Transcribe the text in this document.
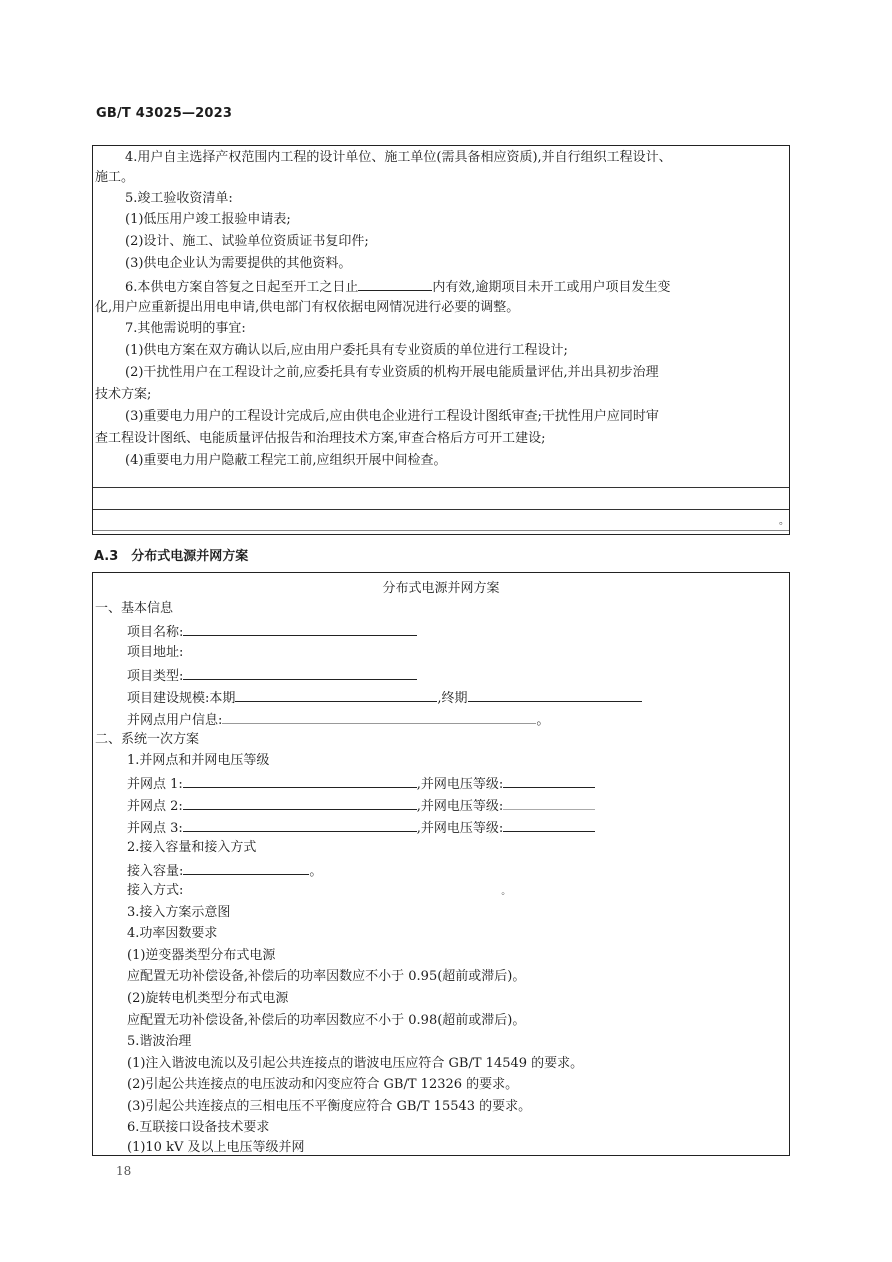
GB/T 43025—2023
4.用户自主选择产权范围内工程的设计单位、施工单位(需具备相应资质),并自行组织工程设计、
施工。
5.竣工验收资清单:
(1)低压用户竣工报验申请表;
(2)设计、施工、试验单位资质证书复印件;
(3)供电企业认为需要提供的其他资料。
6.本供电方案自答复之日起至开工之日止	内有效,逾期项目未开工或用户项目发生变
化,用户应重新提出用电申请,供电部门有权依据电网情况进行必要的调整。
7.其他需说明的事宜:
(1)供电方案在双方确认以后,应由用户委托具有专业资质的单位进行工程设计;
(2)干扰性用户在工程设计之前,应委托具有专业资质的机构开展电能质量评估,并出具初步治理
技术方案;
(3)重要电力用户的工程设计完成后,应由供电企业进行工程设计图纸审查;干扰性用户应同时审
查工程设计图纸、电能质量评估报告和治理技术方案,审查合格后方可开工建设;
(4)重要电力用户隐蔽工程完工前,应组织开展中间检查。
。
A.3　分布式电源并网方案
分布式电源并网方案
一、基本信息
项目名称:
项目地址:
项目类型:
项目建设规模:本期	,终期
并网点用户信息:	。
二、系统一次方案
1.并网点和并网电压等级
并网点 1:	,并网电压等级:
并网点 2:	,并网电压等级:
并网点 3:	,并网电压等级:
2.接入容量和接入方式
接入容量:	。
接入方式:	。
3.接入方案示意图
4.功率因数要求
(1)逆变器类型分布式电源
应配置无功补偿设备,补偿后的功率因数应不小于 0.95(超前或滞后)。
(2)旋转电机类型分布式电源
应配置无功补偿设备,补偿后的功率因数应不小于 0.98(超前或滞后)。
5.谐波治理
(1)注入谐波电流以及引起公共连接点的谐波电压应符合 GB/T 14549 的要求。
(2)引起公共连接点的电压波动和闪变应符合 GB/T 12326 的要求。
(3)引起公共连接点的三相电压不平衡度应符合 GB/T 15543 的要求。
6.互联接口设备技术要求
(1)10 kV 及以上电压等级并网
18
